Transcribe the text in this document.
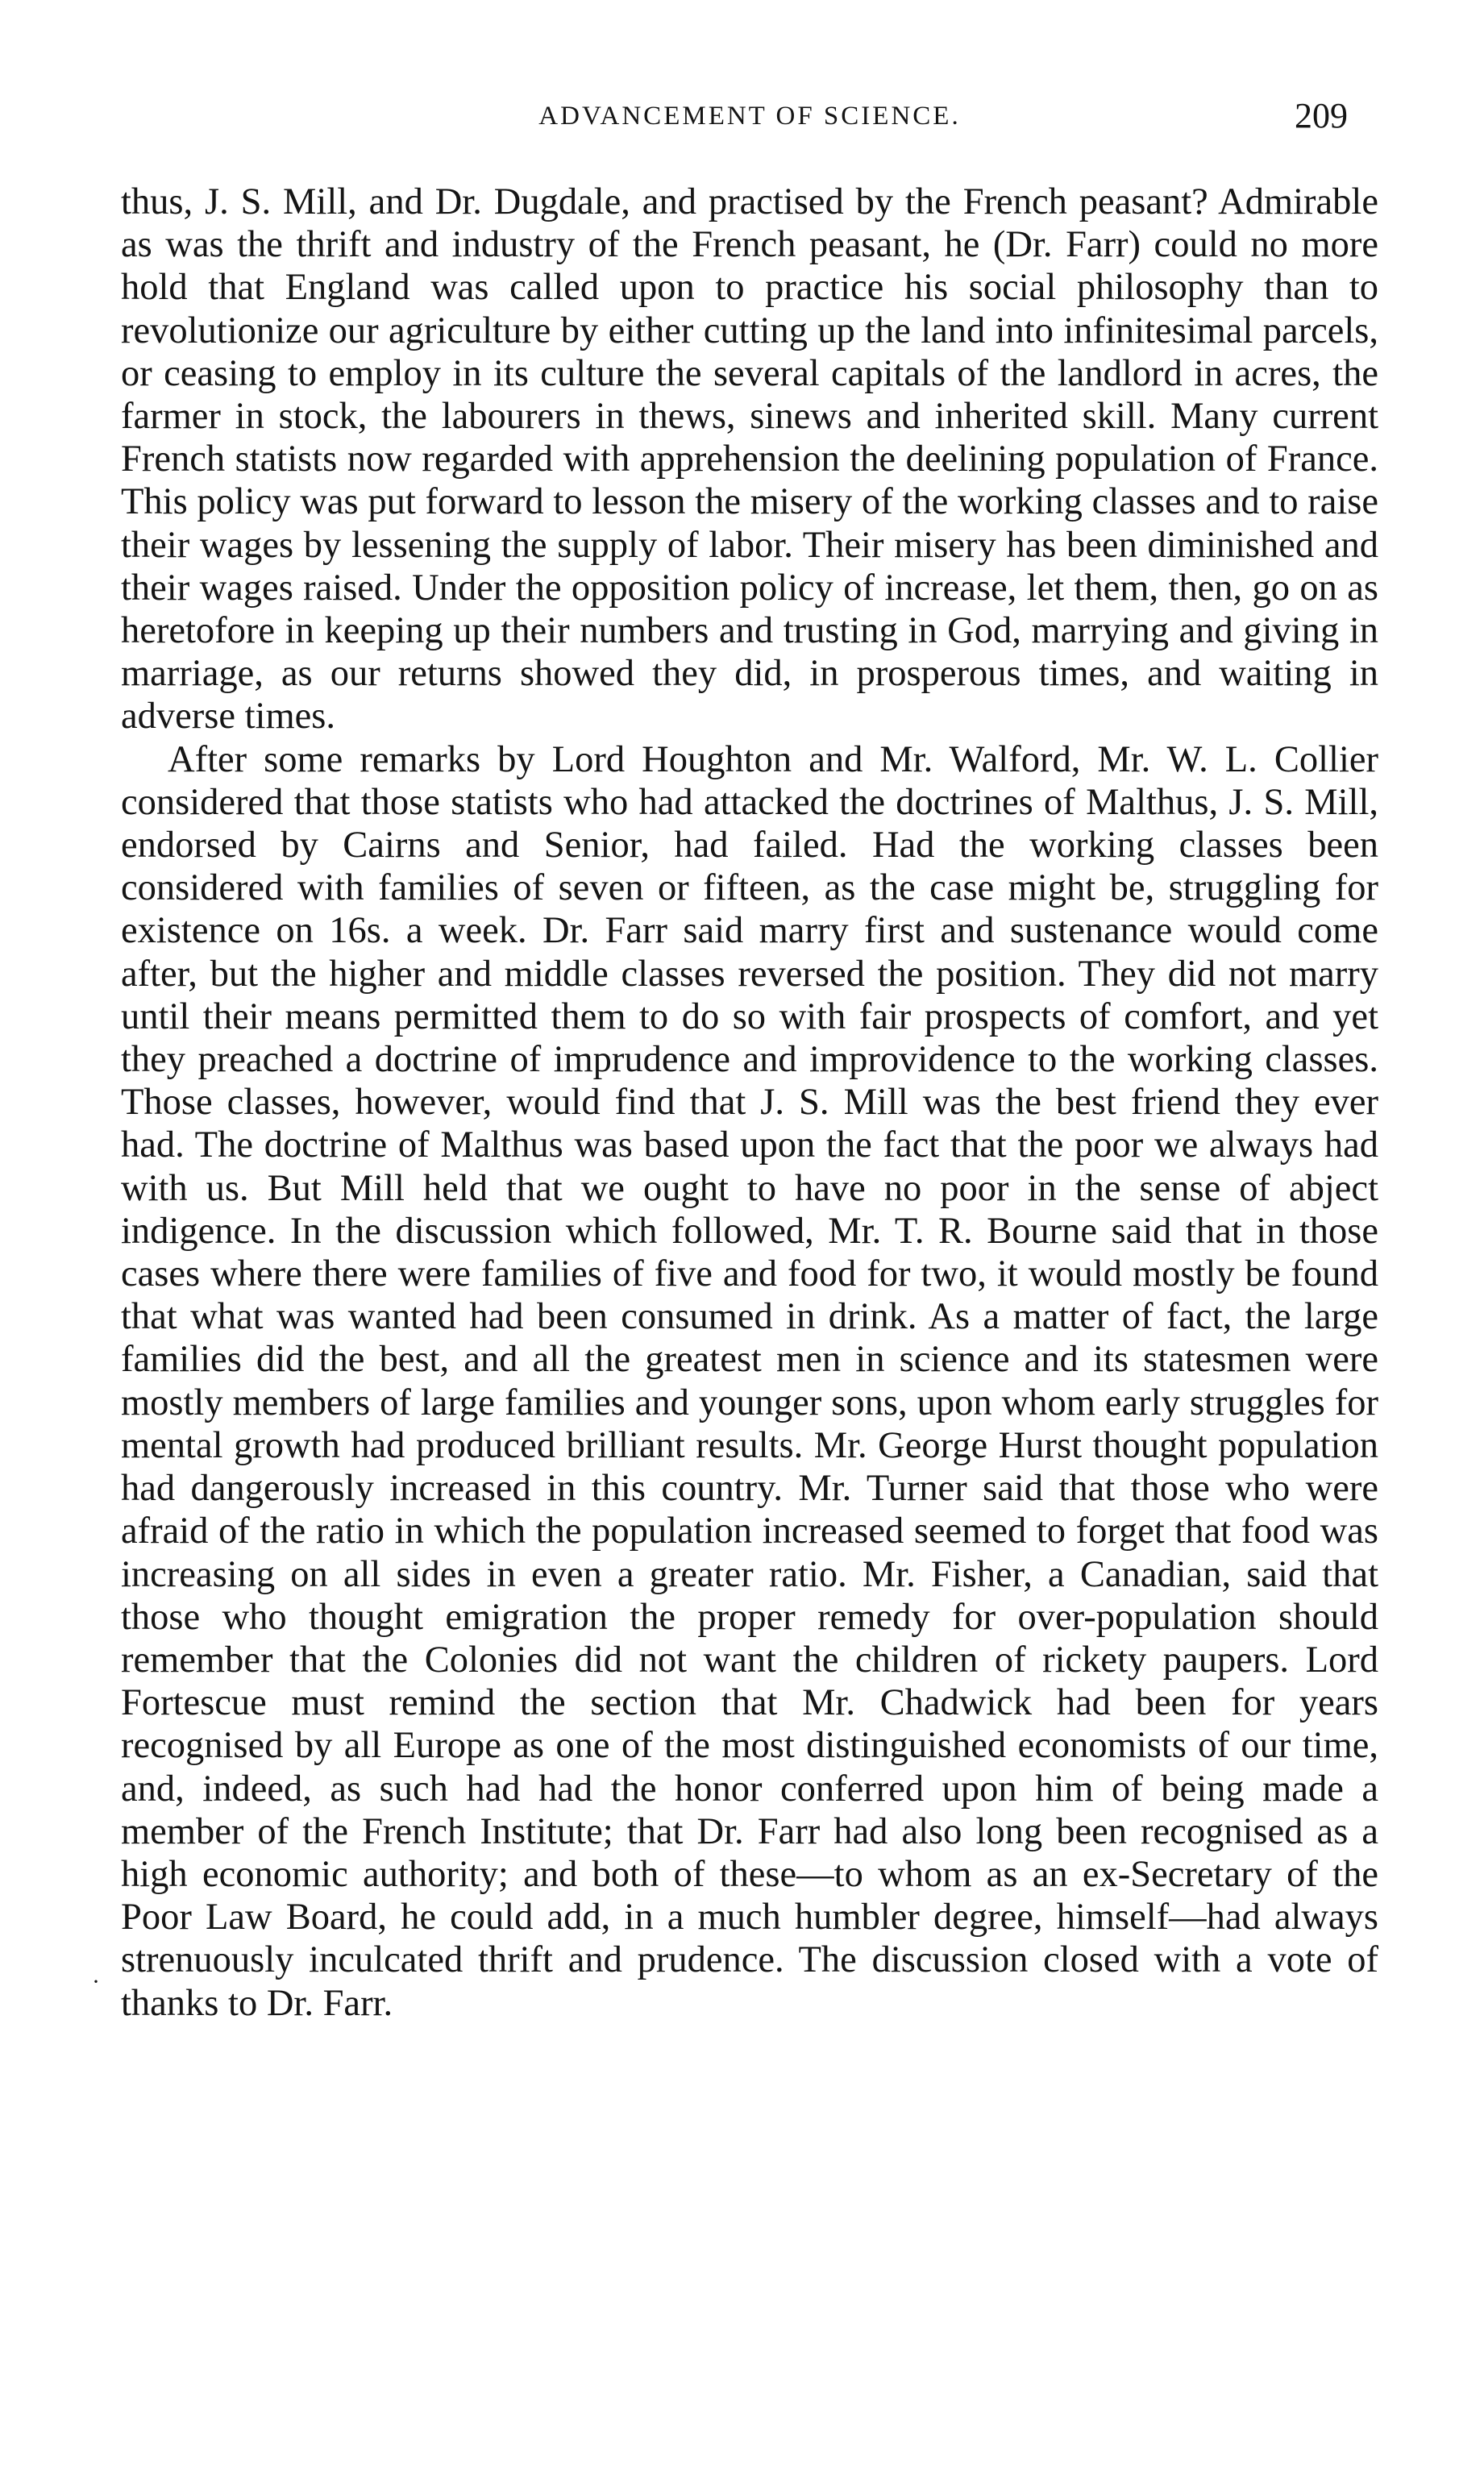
ADVANCEMENT OF SCIENCE.	209

thus, J. S. Mill, and Dr. Dugdale, and practised by the French peasant? Admirable as was the thrift and industry of the French peasant, he (Dr. Farr) could no more hold that England was called upon to practice his social philosophy than to revolutionize our agriculture by either cutting up the land into infinitesimal parcels, or ceasing to employ in its culture the several capitals of the landlord in acres, the farmer in stock, the labourers in thews, sinews and inherited skill. Many current French statists now regarded with apprehension the deelining population of France. This policy was put forward to lesson the misery of the working classes and to raise their wages by lessening the supply of labor. Their misery has been diminished and their wages raised. Under the opposition policy of increase, let them, then, go on as heretofore in keeping up their numbers and trusting in God, marrying and giving in marriage, as our returns showed they did, in prosperous times, and waiting in adverse times.

After some remarks by Lord Houghton and Mr. Walford, Mr. W. L. Collier considered that those statists who had attacked the doctrines of Malthus, J. S. Mill, endorsed by Cairns and Senior, had failed. Had the working classes been considered with families of seven or fifteen, as the case might be, struggling for existence on 16s. a week. Dr. Farr said marry first and sustenance would come after, but the higher and middle classes reversed the position. They did not marry until their means permitted them to do so with fair prospects of comfort, and yet they preached a doctrine of imprudence and improvidence to the working classes. Those classes, however, would find that J. S. Mill was the best friend they ever had. The doctrine of Malthus was based upon the fact that the poor we always had with us. But Mill held that we ought to have no poor in the sense of abject indigence. In the discussion which followed, Mr. T. R. Bourne said that in those cases where there were families of five and food for two, it would mostly be found that what was wanted had been consumed in drink. As a matter of fact, the large families did the best, and all the greatest men in science and its statesmen were mostly members of large families and younger sons, upon whom early struggles for mental growth had produced brilliant results. Mr. George Hurst thought population had dangerously increased in this country. Mr. Turner said that those who were afraid of the ratio in which the population increased seemed to forget that food was increasing on all sides in even a greater ratio. Mr. Fisher, a Canadian, said that those who thought emigration the proper remedy for over-population should remember that the Colonies did not want the children of rickety paupers. Lord Fortescue must remind the section that Mr. Chadwick had been for years recognised by all Europe as one of the most distinguished economists of our time, and, indeed, as such had had the honor conferred upon him of being made a member of the French Institute; that Dr. Farr had also long been recognised as a high economic authority; and both of these—to whom as an ex-Secretary of the Poor Law Board, he could add, in a much humbler degree, himself—had always strenuously inculcated thrift and prudence. The discussion closed with a vote of thanks to Dr. Farr.

·
